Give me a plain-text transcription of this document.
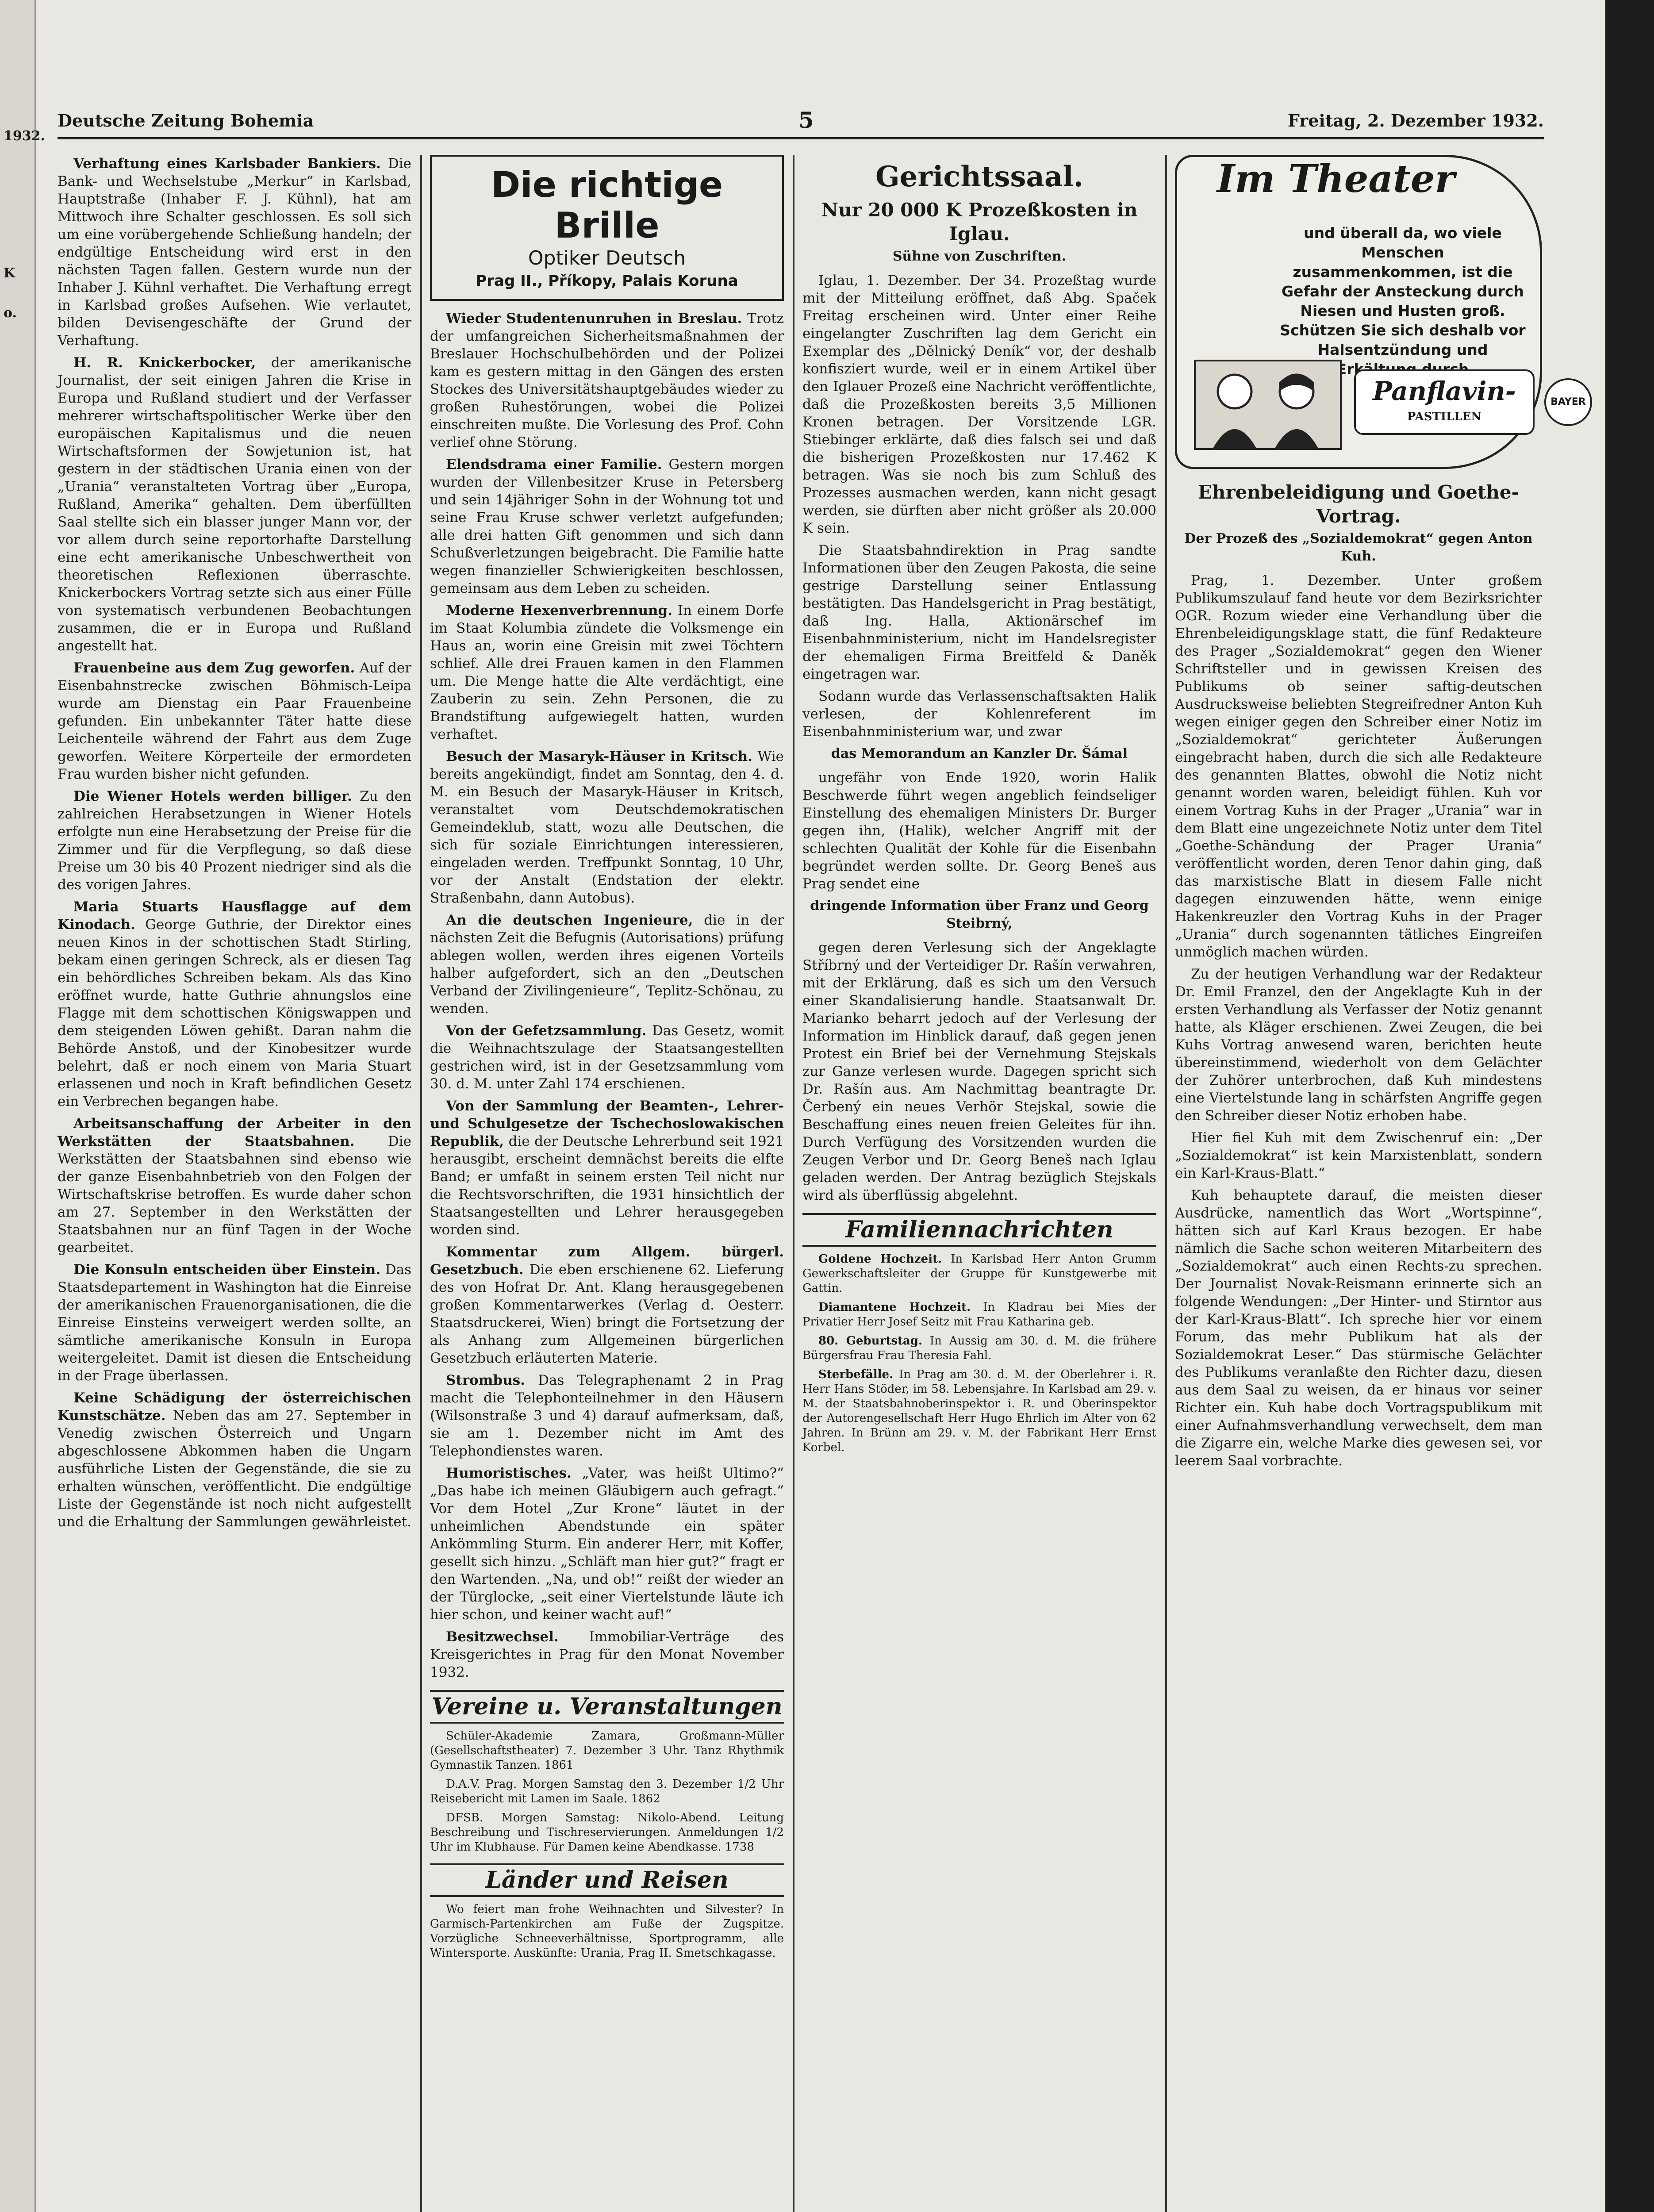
1932.
K
o.
Deutsche Zeitung Bohemia	5	Freitag, 2. Dezember 1932.

Verhaftung eines Karlsbader Bankiers. Die Bank- und Wechselstube „Merkur“ in Karlsbad, Hauptstraße (Inhaber F. J. Kühnl), hat am Mittwoch ihre Schalter geschlossen. Es soll sich um eine vorübergehende Schließung handeln; der endgültige Entscheidung wird erst in den nächsten Tagen fallen. Gestern wurde nun der Inhaber J. Kühnl verhaftet. Die Verhaftung erregt in Karlsbad großes Aufsehen. Wie verlautet, bilden Devisengeschäfte der Grund der Verhaftung.

H. R. Knickerbocker, der amerikanische Journalist, der seit einigen Jahren die Krise in Europa und Rußland studiert und der Verfasser mehrerer wirtschaftspolitischer Werke über den europäischen Kapitalismus und die neuen Wirtschaftsformen der Sowjetunion ist, hat gestern in der städtischen Urania einen von der „Urania“ veranstalteten Vortrag über „Europa, Rußland, Amerika“ gehalten. Dem überfüllten Saal stellte sich ein blasser junger Mann vor, der vor allem durch seine reportorhafte Darstellung eine echt amerikanische Unbeschwertheit von theoretischen Reflexionen überraschte. Knickerbockers Vortrag setzte sich aus einer Fülle von systematisch verbundenen Beobachtungen zusammen, die er in Europa und Rußland angestellt hat.

Frauenbeine aus dem Zug geworfen. Auf der Eisenbahnstrecke zwischen Böhmisch-Leipa wurde am Dienstag ein Paar Frauenbeine gefunden. Ein unbekannter Täter hatte diese Leichenteile während der Fahrt aus dem Zuge geworfen. Weitere Körperteile der ermordeten Frau wurden bisher nicht gefunden.

Die Wiener Hotels werden billiger. Zu den zahlreichen Herabsetzungen in Wiener Hotels erfolgte nun eine Herabsetzung der Preise für die Zimmer und für die Verpflegung, so daß diese Preise um 30 bis 40 Prozent niedriger sind als die des vorigen Jahres.

Maria Stuarts Hausflagge auf dem Kinodach. George Guthrie, der Direktor eines neuen Kinos in der schottischen Stadt Stirling, bekam einen geringen Schreck, als er diesen Tag ein behördliches Schreiben bekam. Als das Kino eröffnet wurde, hatte Guthrie ahnungslos eine Flagge mit dem schottischen Königswappen und dem steigenden Löwen gehißt. Daran nahm die Behörde Anstoß, und der Kinobesitzer wurde belehrt, daß er noch einem von Maria Stuart erlassenen und noch in Kraft befindlichen Gesetz ein Verbrechen begangen habe.

Arbeitsanschaffung der Arbeiter in den Werkstätten der Staatsbahnen. Die Werkstätten der Staatsbahnen sind ebenso wie der ganze Eisenbahnbetrieb von den Folgen der Wirtschaftskrise betroffen. Es wurde daher schon am 27. September in den Werkstätten der Staatsbahnen nur an fünf Tagen in der Woche gearbeitet.

Die Konsuln entscheiden über Einstein. Das Staatsdepartement in Washington hat die Einreise der amerikanischen Frauenorganisationen, die die Einreise Einsteins verweigert werden sollte, an sämtliche amerikanische Konsuln in Europa weitergeleitet. Damit ist diesen die Entscheidung in der Frage überlassen.

Keine Schädigung der österreichischen Kunstschätze. Neben das am 27. September in Venedig zwischen Österreich und Ungarn abgeschlossene Abkommen haben die Ungarn ausführliche Listen der Gegenstände, die sie zu erhalten wünschen, veröffentlicht. Die endgültige Liste der Gegenstände ist noch nicht aufgestellt und die Erhaltung der Sammlungen gewährleistet.

Die richtige Brille
Optiker Deutsch
Prag II., Příkopy, Palais Koruna

Wieder Studentenunruhen in Breslau. Trotz der umfangreichen Sicherheitsmaßnahmen der Breslauer Hochschulbehörden und der Polizei kam es gestern mittag in den Gängen des ersten Stockes des Universitätshauptgebäudes wieder zu großen Ruhestörungen, wobei die Polizei einschreiten mußte. Die Vorlesung des Prof. Cohn verlief ohne Störung.

Elendsdrama einer Familie. Gestern morgen wurden der Villenbesitzer Kruse in Petersberg und sein 14jähriger Sohn in der Wohnung tot und seine Frau Kruse schwer verletzt aufgefunden; alle drei hatten Gift genommen und sich dann Schußverletzungen beigebracht. Die Familie hatte wegen finanzieller Schwierigkeiten beschlossen, gemeinsam aus dem Leben zu scheiden.

Moderne Hexenverbrennung. In einem Dorfe im Staat Kolumbia zündete die Volksmenge ein Haus an, worin eine Greisin mit zwei Töchtern schlief. Alle drei Frauen kamen in den Flammen um. Die Menge hatte die Alte verdächtigt, eine Zauberin zu sein. Zehn Personen, die zu Brandstiftung aufgewiegelt hatten, wurden verhaftet.

Besuch der Masaryk-Häuser in Kritsch. Wie bereits angekündigt, findet am Sonntag, den 4. d. M. ein Besuch der Masaryk-Häuser in Kritsch, veranstaltet vom Deutschdemokratischen Gemeindeklub, statt, wozu alle Deutschen, die sich für soziale Einrichtungen interessieren, eingeladen werden. Treffpunkt Sonntag, 10 Uhr, vor der Anstalt (Endstation der elektr. Straßenbahn, dann Autobus).

An die deutschen Ingenieure, die in der nächsten Zeit die Befugnis (Autorisations) prüfung ablegen wollen, werden ihres eigenen Vorteils halber aufgefordert, sich an den „Deutschen Verband der Zivilingenieure“, Teplitz-Schönau, zu wenden.

Von der Gefetzsammlung. Das Gesetz, womit die Weihnachtszulage der Staatsangestellten gestrichen wird, ist in der Gesetzsammlung vom 30. d. M. unter Zahl 174 erschienen.

Von der Sammlung der Beamten-, Lehrer- und Schulgesetze der Tschechoslowakischen Republik, die der Deutsche Lehrerbund seit 1921 herausgibt, erscheint demnächst bereits die elfte Band; er umfaßt in seinem ersten Teil nicht nur die Rechtsvorschriften, die 1931 hinsichtlich der Staatsangestellten und Lehrer herausgegeben worden sind.

Kommentar zum Allgem. bürgerl. Gesetzbuch. Die eben erschienene 62. Lieferung des von Hofrat Dr. Ant. Klang herausgegebenen großen Kommentarwerkes (Verlag d. Oesterr. Staatsdruckerei, Wien) bringt die Fortsetzung der als Anhang zum Allgemeinen bürgerlichen Gesetzbuch erläuterten Materie.

Strombus. Das Telegraphenamt 2 in Prag macht die Telephonteilnehmer in den Häusern (Wilsonstraße 3 und 4) darauf aufmerksam, daß, sie am 1. Dezember nicht im Amt des Telephondienstes waren.

Humoristisches. „Vater, was heißt Ultimo?“ „Das habe ich meinen Gläubigern auch gefragt.“ Vor dem Hotel „Zur Krone“ läutet in der unheimlichen Abendstunde ein später Ankömmling Sturm. Ein anderer Herr, mit Koffer, gesellt sich hinzu. „Schläft man hier gut?“ fragt er den Wartenden. „Na, und ob!“ reißt der wieder an der Türglocke, „seit einer Viertelstunde läute ich hier schon, und keiner wacht auf!“

Besitzwechsel. Immobiliar-Verträge des Kreisgerichtes in Prag für den Monat November 1932.

Vereine u. Veranstaltungen

Schüler-Akademie Zamara, Großmann-Müller (Gesellschaftstheater) 7. Dezember 3 Uhr. Tanz Rhythmik Gymnastik Tanzen. 1861

D.A.V. Prag. Morgen Samstag den 3. Dezember 1/2 Uhr Reisebericht mit Lamen im Saale. 1862

DFSB. Morgen Samstag: Nikolo-Abend. Leitung Beschreibung und Tischreservierungen. Anmeldungen 1/2 Uhr im Klubhause. Für Damen keine Abendkasse. 1738

Länder und Reisen

Wo feiert man frohe Weihnachten und Silvester? In Garmisch-Partenkirchen am Fuße der Zugspitze. Vorzügliche Schneeverhältnisse, Sportprogramm, alle Wintersporte. Auskünfte: Urania, Prag II. Smetschkagasse.

Gerichtssaal.
Nur 20 000 K Prozeßkosten in Iglau.
Sühne von Zuschriften.

Iglau, 1. Dezember. Der 34. Prozeßtag wurde mit der Mitteilung eröffnet, daß Abg. Spaček Freitag erscheinen wird. Unter einer Reihe eingelangter Zuschriften lag dem Gericht ein Exemplar des „Dělnický Deník“ vor, der deshalb konfisziert wurde, weil er in einem Artikel über den Iglauer Prozeß eine Nachricht veröffentlichte, daß die Prozeßkosten bereits 3,5 Millionen Kronen betragen. Der Vorsitzende LGR. Stiebinger erklärte, daß dies falsch sei und daß die bisherigen Prozeßkosten nur 17.462 K betragen. Was sie noch bis zum Schluß des Prozesses ausmachen werden, kann nicht gesagt werden, sie dürften aber nicht größer als 20.000 K sein.

Die Staatsbahndirektion in Prag sandte Informationen über den Zeugen Pakosta, die seine gestrige Darstellung seiner Entlassung bestätigten. Das Handelsgericht in Prag bestätigt, daß Ing. Halla, Aktionärschef im Eisenbahnministerium, nicht im Handelsregister der ehemaligen Firma Breitfeld & Daněk eingetragen war.

Sodann wurde das Verlassenschaftsakten Halik verlesen, der Kohlenreferent im Eisenbahnministerium war, und zwar

das Memorandum an Kanzler Dr. Šámal

ungefähr von Ende 1920, worin Halik Beschwerde führt wegen angeblich feindseliger Einstellung des ehemaligen Ministers Dr. Burger gegen ihn, (Halik), welcher Angriff mit der schlechten Qualität der Kohle für die Eisenbahn begründet werden sollte. Dr. Georg Beneš aus Prag sendet eine

dringende Information über Franz und Georg Steibrný,

gegen deren Verlesung sich der Angeklagte Stříbrný und der Verteidiger Dr. Rašín verwahren, mit der Erklärung, daß es sich um den Versuch einer Skandalisierung handle. Staatsanwalt Dr. Marianko beharrt jedoch auf der Verlesung der Information im Hinblick darauf, daß gegen jenen Protest ein Brief bei der Vernehmung Stejskals zur Ganze verlesen wurde. Dagegen spricht sich Dr. Rašín aus. Am Nachmittag beantragte Dr. Čerbený ein neues Verhör Stejskal, sowie die Beschaffung eines neuen freien Geleites für ihn. Durch Verfügung des Vorsitzenden wurden die Zeugen Verbor und Dr. Georg Beneš nach Iglau geladen werden. Der Antrag bezüglich Stejskals wird als überflüssig abgelehnt.

Familiennachrichten

Goldene Hochzeit. In Karlsbad Herr Anton Grumm Gewerkschaftsleiter der Gruppe für Kunstgewerbe mit Gattin.

Diamantene Hochzeit. In Kladrau bei Mies der Privatier Herr Josef Seitz mit Frau Katharina geb.

80. Geburtstag. In Aussig am 30. d. M. die frühere Bürgersfrau Frau Theresia Fahl.

Sterbefälle. In Prag am 30. d. M. der Oberlehrer i. R. Herr Hans Stöder, im 58. Lebensjahre. In Karlsbad am 29. v. M. der Staatsbahnoberinspektor i. R. und Oberinspektor der Autorengesellschaft Herr Hugo Ehrlich im Alter von 62 Jahren. In Brünn am 29. v. M. der Fabrikant Herr Ernst Korbel.

Im Theater
und überall da, wo viele Menschen zusammenkommen, ist die Gefahr der Ansteckung durch Niesen und Husten groß. Schützen Sie sich deshalb vor Halsentzündung und
Panflavin-
PASTILLEN
BAYER
Ehrenbeleidigung und Goethe-Vortrag.
Der Prozeß des „Sozialdemokrat“ gegen Anton Kuh.

Prag, 1. Dezember. Unter großem Publikumszulauf fand heute vor dem Bezirksrichter OGR. Rozum wieder eine Verhandlung über die Ehrenbeleidigungsklage statt, die fünf Redakteure des Prager „Sozialdemokrat“ gegen den Wiener Schriftsteller und in gewissen Kreisen des Publikums ob seiner saftig-deutschen Ausdrucksweise beliebten Stegreifredner Anton Kuh wegen einiger gegen den Schreiber einer Notiz im „Sozialdemokrat“ gerichteter Äußerungen eingebracht haben, durch die sich alle Redakteure des genannten Blattes, obwohl die Notiz nicht genannt worden waren, beleidigt fühlen. Kuh vor einem Vortrag Kuhs in der Prager „Urania“ war in dem Blatt eine ungezeichnete Notiz unter dem Titel „Goethe-Schändung der Prager Urania“ veröffentlicht worden, deren Tenor dahin ging, daß das marxistische Blatt in diesem Falle nicht dagegen einzuwenden hätte, wenn einige Hakenkreuzler den Vortrag Kuhs in der Prager „Urania“ durch sogenannten tätliches Eingreifen unmöglich machen würden.

Zu der heutigen Verhandlung war der Redakteur Dr. Emil Franzel, den der Angeklagte Kuh in der ersten Verhandlung als Verfasser der Notiz genannt hatte, als Kläger erschienen. Zwei Zeugen, die bei Kuhs Vortrag anwesend waren, berichten heute übereinstimmend, wiederholt von dem Gelächter der Zuhörer unterbrochen, daß Kuh mindestens eine Viertelstunde lang in schärfsten Angriffe gegen den Schreiber dieser Notiz erhoben habe.

Hier fiel Kuh mit dem Zwischenruf ein: „Der „Sozialdemokrat“ ist kein Marxistenblatt, sondern ein Karl-Kraus-Blatt.“

Kuh behauptete darauf, die meisten dieser Ausdrücke, namentlich das Wort „Wortspinne“, hätten sich auf Karl Kraus bezogen. Er habe nämlich die Sache schon weiteren Mitarbeitern des „Sozialdemokrat“ auch einen Rechts-zu sprechen. Der Journalist Novak-Reismann erinnerte sich an folgende Wendungen: „Der Hinter- und Stirntor aus der Karl-Kraus-Blatt“. Ich spreche hier vor einem Forum, das mehr Publikum hat als der Sozialdemokrat Leser.“ Das stürmische Gelächter des Publikums veranlaßte den Richter dazu, diesen aus dem Saal zu weisen, da er hinaus vor seiner Richter ein. Kuh habe doch Vortragspublikum mit einer Aufnahmsverhandlung verwechselt, dem man die Zigarre ein, welche Marke dies gewesen sei, vor leerem Saal vorbrachte.
